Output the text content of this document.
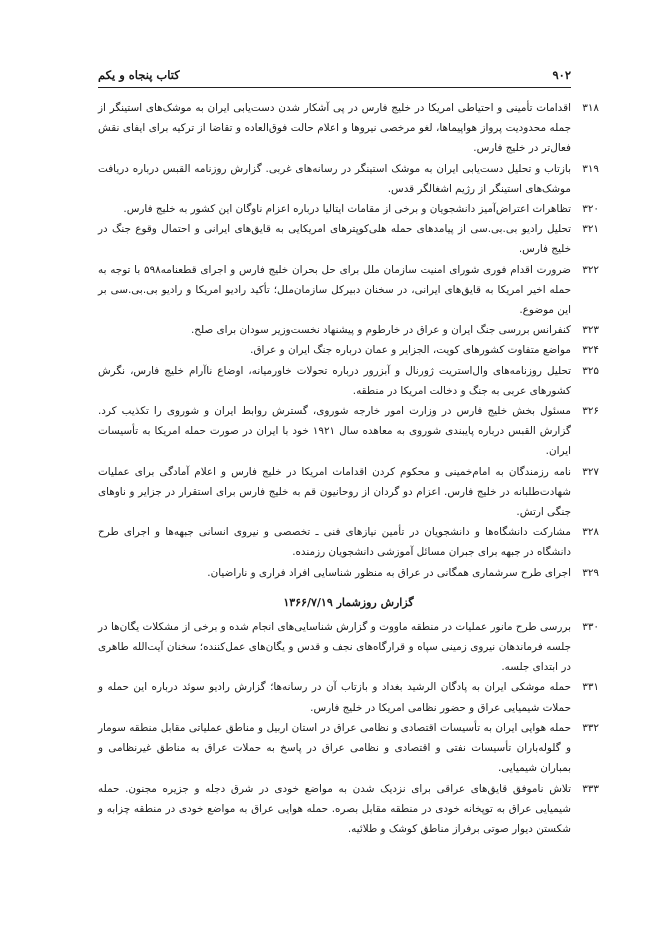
۹۰۲
کتاب پنجاه و یکم
۳۱۸
اقدامات تأمینی و احتیاطی امریکا در خلیج فارس در پی آشکار شدن دست‌یابی ایران به موشک‌های استینگر از جمله محدودیت پرواز هواپیماها، لغو مرخصی نیروها و اعلام حالت فوق‌العاده و تقاضا از ترکیه برای ایفای نقش فعال‌تر در خلیج فارس.
۳۱۹
بازتاب و تحلیل دست‌یابی ایران به موشک استینگر در رسانه‌های غربی. گزارش روزنامه القبس درباره دریافت موشک‌های استینگر از رژیم اشغالگر قدس.
۳۲۰
تظاهرات اعتراض‌آمیز دانشجویان و برخی از مقامات ایتالیا درباره اعزام ناوگان این کشور به خلیج فارس.
۳۲۱
تحلیل رادیو بی.بی.سی از پیامدهای حمله هلی‌کوپترهای امریکایی به قایق‌های ایرانی و احتمال وقوع جنگ در خلیج فارس.
۳۲۲
ضرورت اقدام فوری شورای امنیت سازمان ملل برای حل بحران خلیج فارس و اجرای قطعنامه۵۹۸ با توجه به حمله اخیر امریکا به قایق‌های ایرانی، در سخنان دبیرکل سازمان‌ملل؛ تأکید رادیو امریکا و رادیو بی.بی.سی بر این موضوع.
۳۲۳
کنفرانس بررسی جنگ ایران و عراق در خارطوم و پیشنهاد نخست‌وزیر سودان برای صلح.
۳۲۴
مواضع متفاوت کشورهای کویت، الجزایر و عمان درباره جنگ ایران و عراق.
۳۲۵
تحلیل روزنامه‌های وال‌استریت ژورنال و آبزرور درباره تحولات خاورمیانه، اوضاع ناآرام خلیج فارس، نگرش کشورهای عربی به جنگ و دخالت امریکا در منطقه.
۳۲۶
مسئول بخش خلیج فارس در وزارت امور خارجه شوروی، گسترش روابط ایران و شوروی را تکذیب کرد. گزارش القبس درباره پایبندی شوروی به معاهده سال ۱۹۲۱ خود با ایران در صورت حمله امریکا به تأسیسات ایران.
۳۲۷
نامه رزمندگان به امام‌خمینی و محکوم کردن اقدامات امریکا در خلیج فارس و اعلام آمادگی برای عملیات شهادت‌طلبانه در خلیج فارس. اعزام دو گردان از روحانیون قم به خلیج فارس برای استقرار در جزایر و ناوهای جنگی ارتش.
۳۲۸
مشارکت دانشگاه‌ها و دانشجویان در تأمین نیازهای فنی ـ تخصصی و نیروی انسانی جبهه‌ها و اجرای طرح دانشگاه در جبهه برای جبران مسائل آموزشی دانشجویان رزمنده.
۳۲۹
اجرای طرح سرشماری همگانی در عراق به منظور شناسایی افراد فراری و ناراضیان.
گزارش روزشمار ۱۳۶۶/۷/۱۹
۳۳۰
بررسی طرح مانور عملیات در منطقه ماووت و گزارش شناسایی‌های انجام شده و برخی از مشکلات یگان‌ها در جلسه فرماندهان نیروی زمینی سپاه و قرارگاه‌های نجف و قدس و یگان‌های عمل‌کننده؛ سخنان آیت‌الله طاهری در ابتدای جلسه.
۳۳۱
حمله موشکی ایران به پادگان الرشید بغداد و بازتاب آن در رسانه‌ها؛ گزارش رادیو سوئد درباره این حمله و حملات شیمیایی عراق و حضور نظامی امریکا در خلیج فارس.
۳۳۲
حمله هوایی ایران به تأسیسات اقتصادی و نظامی عراق در استان اربیل و مناطق عملیاتی مقابل منطقه سومار و گلوله‌باران تأسیسات نفتی و اقتصادی و نظامی عراق در پاسخ به حملات عراق به مناطق غیرنظامی و بمباران شیمیایی.
۳۳۳
تلاش ناموفق قایق‌های عراقی برای نزدیک شدن به مواضع خودی در شرق دجله و جزیره مجنون. حمله شیمیایی عراق به توپخانه خودی در منطقه مقابل بصره. حمله هوایی عراق به مواضع خودی در منطقه چزابه و شکستن دیوار صوتی برفراز مناطق کوشک و طلائیه.
